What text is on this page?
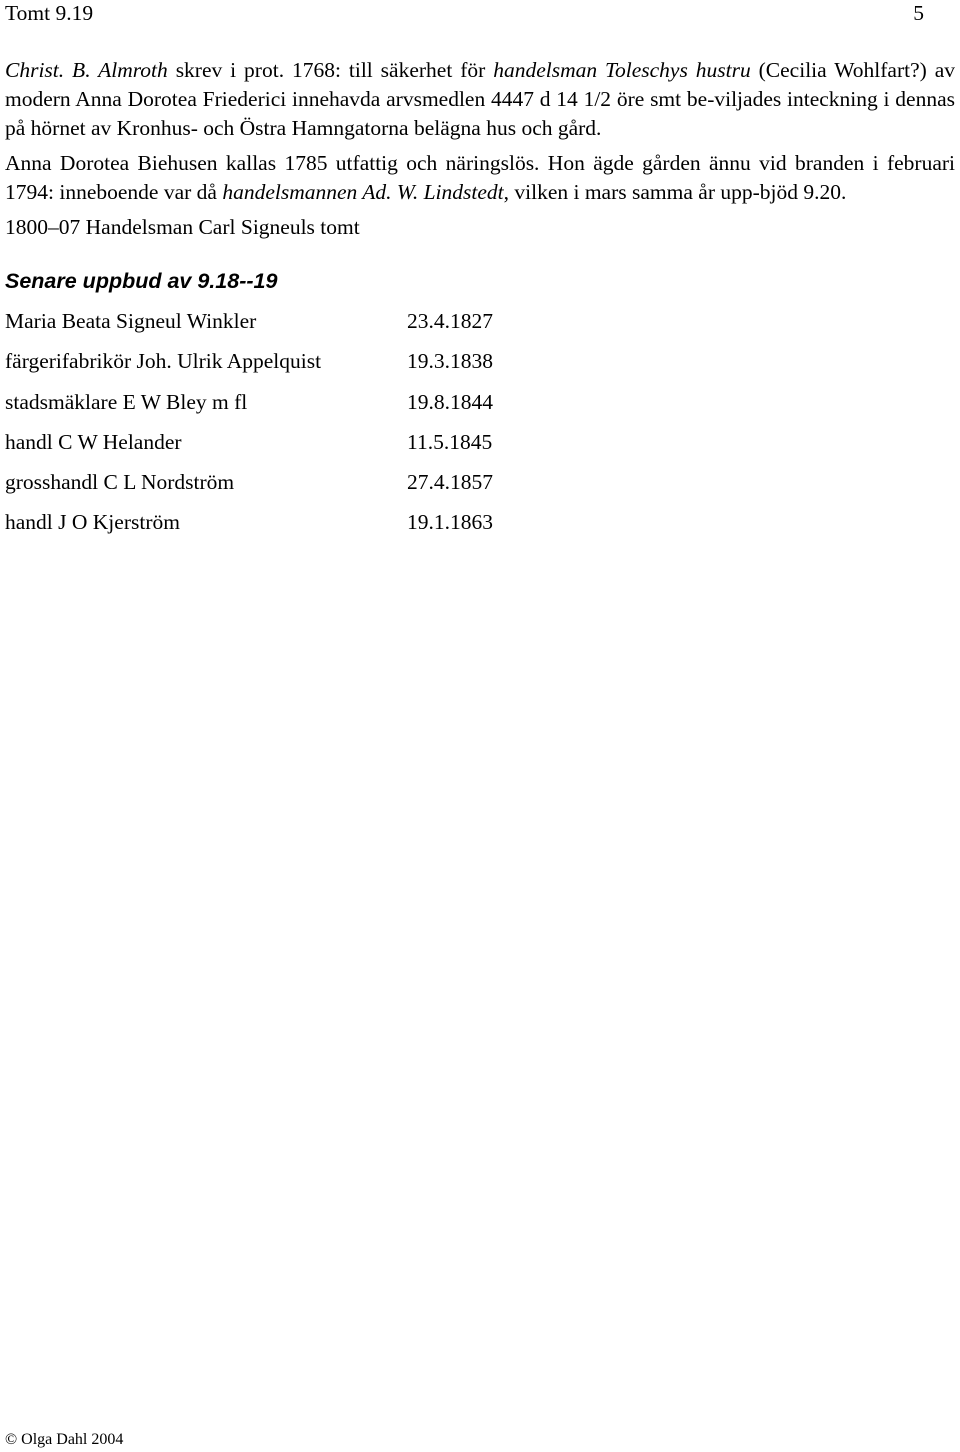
Tomt 9.19	5

Christ. B. Almroth skrev i prot. 1768: till säkerhet för handelsman Toleschys hustru (Cecilia Wohlfart?) av modern Anna Dorotea Friederici innehavda arvsmedlen 4447 d 14 1/2 öre smt be-viljades inteckning i dennas på hörnet av Kronhus- och Östra Hamngatorna belägna hus och gård.

Anna Dorotea Biehusen kallas 1785 utfattig och näringslös. Hon ägde gården ännu vid branden i februari 1794: inneboende var då handelsmannen Ad. W. Lindstedt, vilken i mars samma år upp-bjöd 9.20.

1800–07 Handelsman Carl Signeuls tomt

Senare uppbud av 9.18--19
Maria Beata Signeul Winkler	23.4.1827
färgerifabrikör Joh. Ulrik Appelquist	19.3.1838
stadsmäklare E W Bley m fl	19.8.1844
handl C W Helander	11.5.1845
grosshandl C L Nordström	27.4.1857
handl J O Kjerström	19.1.1863
© Olga Dahl 2004
